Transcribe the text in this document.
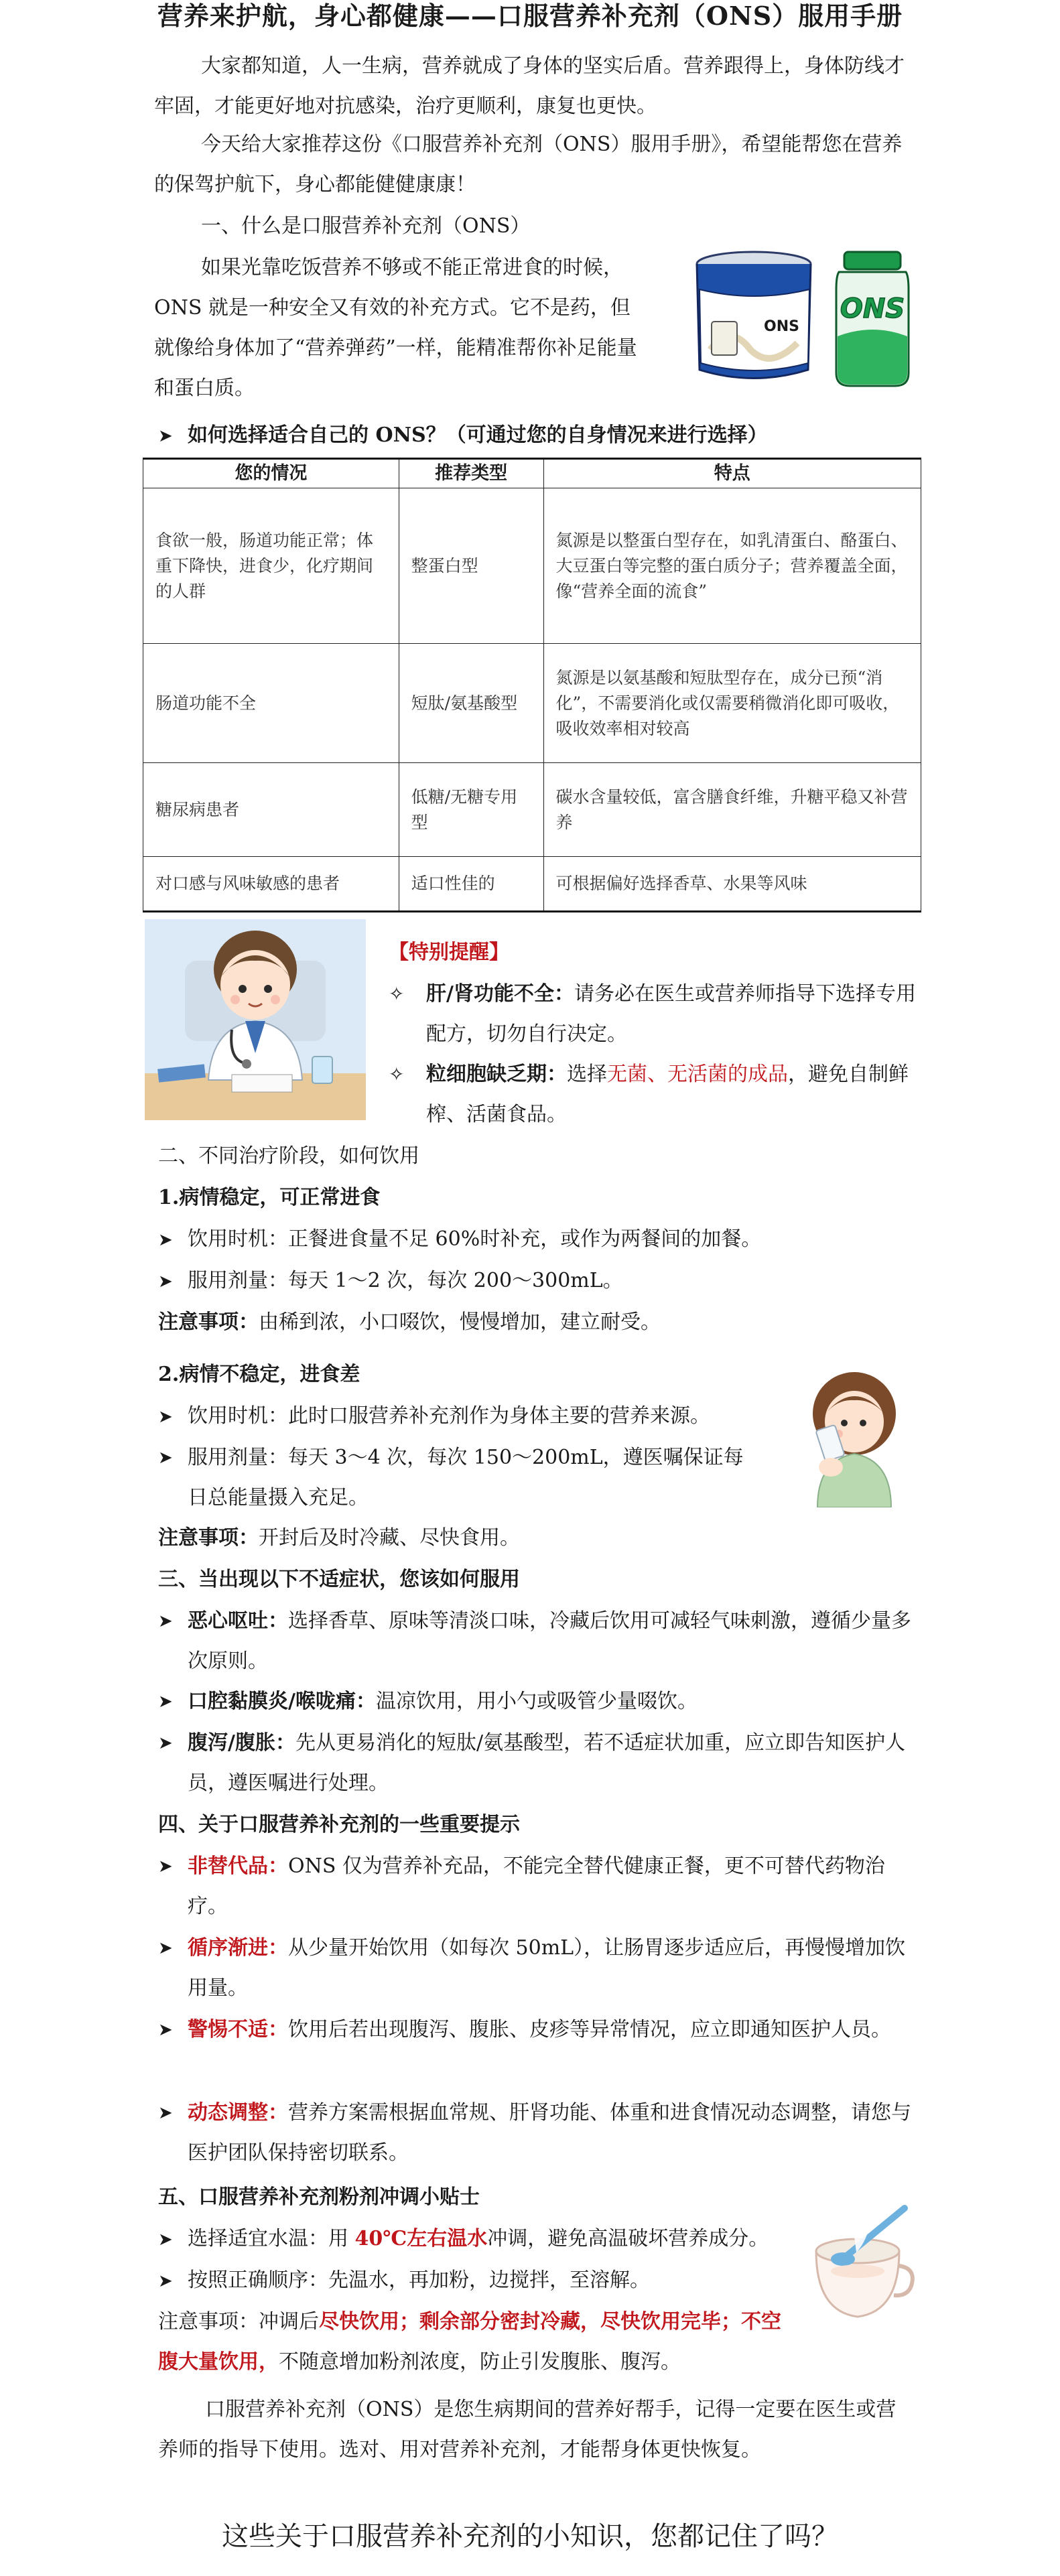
营养来护航，身心都健康——口服营养补充剂（ONS）服用手册
大家都知道，人一生病，营养就成了身体的坚实后盾。营养跟得上，身体防线才牢固，才能更好地对抗感染，治疗更顺利，康复也更快。
今天给大家推荐这份《口服营养补充剂（ONS）服用手册》，希望能帮您在营养的保驾护航下，身心都能健健康康！
一、什么是口服营养补充剂（ONS）
如果光靠吃饭营养不够或不能正常进食的时候，ONS 就是一种安全又有效的补充方式。它不是药，但就像给身体加了“营养弹药”一样，能精准帮你补足能量和蛋白质。
ONS
ONS
➤ 如何选择适合自己的 ONS？（可通过您的自身情况来进行选择）
您的情况	推荐类型	特点
食欲一般，肠道功能正常；体重下降快，进食少，化疗期间的人群	整蛋白型	氮源是以整蛋白型存在，如乳清蛋白、酪蛋白、大豆蛋白等完整的蛋白质分子；营养覆盖全面，像“营养全面的流食”
肠道功能不全	短肽/氨基酸型	氮源是以氨基酸和短肽型存在，成分已预“消化”，不需要消化或仅需要稍微消化即可吸收，吸收效率相对较高
糖尿病患者	低糖/无糖专用型	碳水含量较低，富含膳食纤维，升糖平稳又补营养
对口感与风味敏感的患者	适口性佳的	可根据偏好选择香草、水果等风味
【特别提醒】
✧	肝/肾功能不全：请务必在医生或营养师指导下选择专用配方，切勿自行决定。
✧	粒细胞缺乏期：选择无菌、无活菌的成品，避免自制鲜榨、活菌食品。
二、不同治疗阶段，如何饮用
1.病情稳定，可正常进食
➤ 饮用时机：正餐进食量不足 60%时补充，或作为两餐间的加餐。
➤ 服用剂量：每天 1～2 次，每次 200～300mL。
注意事项：由稀到浓，小口啜饮，慢慢增加，建立耐受。
2.病情不稳定，进食差
➤ 饮用时机：此时口服营养补充剂作为身体主要的营养来源。
➤ 服用剂量：每天 3～4 次，每次 150～200mL，遵医嘱保证每日总能量摄入充足。
注意事项：开封后及时冷藏、尽快食用。
三、当出现以下不适症状，您该如何服用
➤ 恶心呕吐：选择香草、原味等清淡口味，冷藏后饮用可减轻气味刺激，遵循少量多次原则。
➤ 口腔黏膜炎/喉咙痛：温凉饮用，用小勺或吸管少量啜饮。
➤ 腹泻/腹胀：先从更易消化的短肽/氨基酸型，若不适症状加重，应立即告知医护人员，遵医嘱进行处理。
四、关于口服营养补充剂的一些重要提示
➤ 非替代品：ONS 仅为营养补充品，不能完全替代健康正餐，更不可替代药物治疗。
➤ 循序渐进：从少量开始饮用（如每次 50mL），让肠胃逐步适应后，再慢慢增加饮用量。
➤ 警惕不适：饮用后若出现腹泻、腹胀、皮疹等异常情况，应立即通知医护人员。
➤ 动态调整：营养方案需根据血常规、肝肾功能、体重和进食情况动态调整，请您与医护团队保持密切联系。
五、口服营养补充剂粉剂冲调小贴士
➤ 选择适宜水温：用 40℃左右温水冲调，避免高温破坏营养成分。
➤ 按照正确顺序：先温水，再加粉，边搅拌，至溶解。
注意事项：冲调后尽快饮用；剩余部分密封冷藏，尽快饮用完毕；不空腹大量饮用，不随意增加粉剂浓度，防止引发腹胀、腹泻。
口服营养补充剂（ONS）是您生病期间的营养好帮手，记得一定要在医生或营养师的指导下使用。选对、用对营养补充剂，才能帮身体更快恢复。
这些关于口服营养补充剂的小知识，您都记住了吗？
